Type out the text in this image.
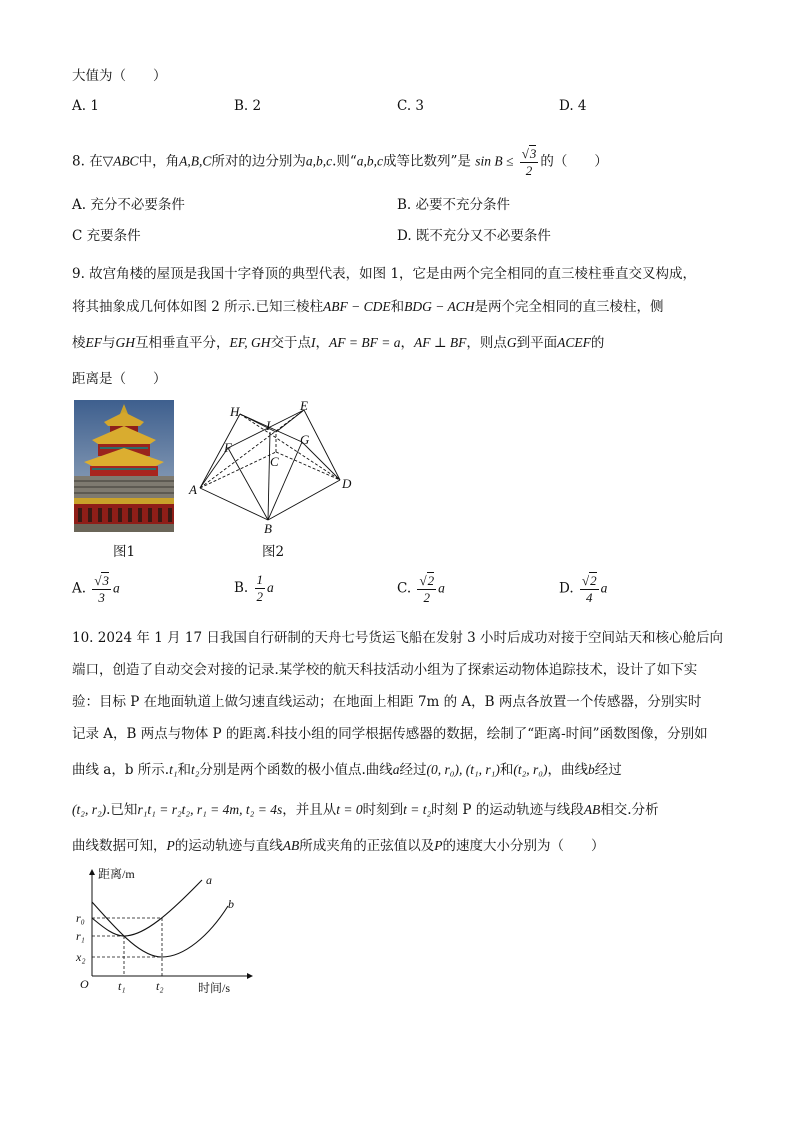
大值为（　　）
A. 1	B. 2	C. 3	D. 4
8. 在▽ABC中，角A,B,C所对的边分别为a,b,c.则“a,b,c成等比数列”是 $\sin B \le \frac{√3}{2}$ 的（　　）
A. 充分不必要条件	B. 必要不充分条件
C 充要条件	D. 既不充分又不必要条件
9. 故宫角楼的屋顶是我国十字脊顶的典型代表，如图 1，它是由两个完全相同的直三棱柱垂直交叉构成，
将其抽象成几何体如图 2 所示.已知三棱柱ABF − CDE和BDG − ACH是两个完全相同的直三棱柱，侧
棱EF与GH互相垂直平分，EF, GH交于点I，AF = BF = a，AF ⊥ BF，则点G到平面ACEF的
距离是（　　）
图1
H	E
I
F
G
C
A	D
B
图2
A. $\frac{√3}{3}$ a	B. $\frac{1}{2}$ a	C. $\frac{√2}{2}$ a	D. $\frac{√2}{4}$ a
10. 2024 年 1 月 17 日我国自行研制的天舟七号货运飞船在发射 3 小时后成功对接于空间站天和核心舱后向
端口，创造了自动交会对接的记录.某学校的航天科技活动小组为了探索运动物体追踪技术，设计了如下实
验：目标 P 在地面轨道上做匀速直线运动；在地面上相距 7m 的 A，B 两点各放置一个传感器，分别实时
记录 A，B 两点与物体 P 的距离.科技小组的同学根据传感器的数据，绘制了“距离-时间”函数图像，分别如
曲线 a，b 所示.t₁和t₂分别是两个函数的极小值点.曲线a经过(0, r₀), (t₁, r₁)和(t₂, r₀)，曲线b经过
(t₂, r₂).已知r₁t₁ = r₂t₂, r₁ = 4m, t₂ = 4s，并且从t = 0时刻到t = t₂时刻 P 的运动轨迹与线段AB相交.分析
曲线数据可知，P的运动轨迹与直线AB所成夹角的正弦值以及P的速度大小分别为（　　）
距离/m
时间/s
O
r₀
r₁
x₂
t₁	t₂
a
b
